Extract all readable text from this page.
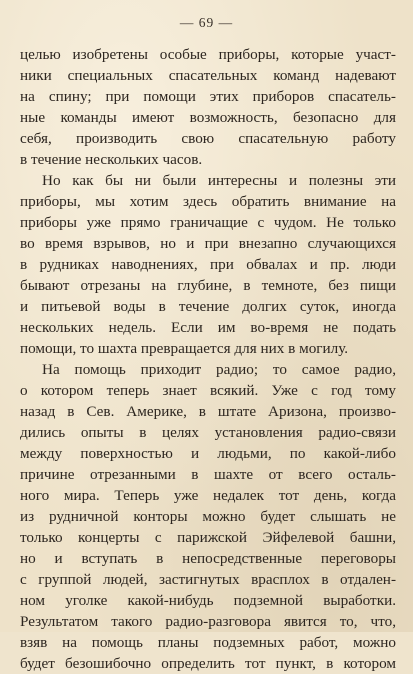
— 69 —
целью изобретены особые приборы, которые участ-
ники специальных спасательных команд надевают
на спину; при помощи этих приборов спасатель-
ные команды имеют возможность, безопасно для
себя, производить свою спасательную работу
в течение нескольких часов.
Но как бы ни были интересны и полезны эти
приборы, мы хотим здесь обратить внимание на
приборы уже прямо граничащие с чудом. Не только
во время взрывов, но и при внезапно случающихся
в рудниках наводнениях, при обвалах и пр. люди
бывают отрезаны на глубине, в темноте, без пищи
и питьевой воды в течение долгих суток, иногда
нескольких недель. Если им во-время не подать
помощи, то шахта превращается для них в могилу.
На помощь приходит радио; то самое радио,
о котором теперь знает всякий. Уже с год тому
назад в Сев. Америке, в штате Аризона, произво-
дились опыты в целях установления радио-связи
между поверхностью и людьми, по какой-либо
причине отрезанными в шахте от всего осталь-
ного мира. Теперь уже недалек тот день, когда
из рудничной конторы можно будет слышать не
только концерты с парижской Эйфелевой башни,
но и вступать в непосредственные переговоры
с группой людей, застигнутых врасплох в отдален-
ном уголке какой-нибудь подземной выработки.
Результатом такого радио-разговора явится то, что,
взяв на помощь планы подземных работ, можно
будет безошибочно определить тот пункт, в котором
